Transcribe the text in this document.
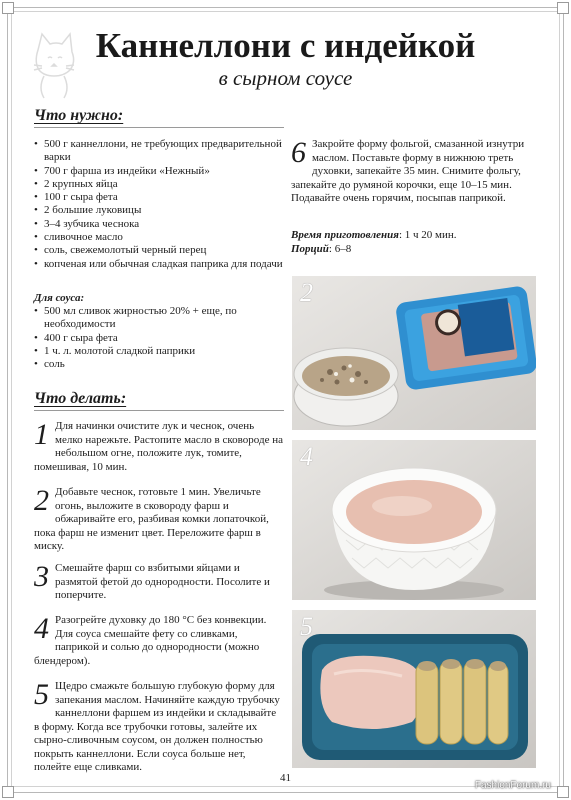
Каннеллони с индейкой
в сырном соусе
Что нужно:
• 500 г каннеллони, не требующих предварительной варки
• 700 г фарша из индейки «Нежный»
• 2 крупных яйца
• 100 г сыра фета
• 2 большие луковицы
• 3–4 зубчика чеснока
• сливочное масло
• соль, свежемолотый черный перец
• копченая или обычная сладкая паприка для подачи
Для соуса:
• 500 мл сливок жирностью 20% + еще, по необходимости
• 400 г сыра фета
• 1 ч. л. молотой сладкой паприки
• соль
Что делать:
1 Для начинки очистите лук и чеснок, очень мелко нарежьте. Растопите масло в сковороде на небольшом огне, положите лук, томите, помешивая, 10 мин.
2 Добавьте чеснок, готовьте 1 мин. Увеличьте огонь, выложите в сковороду фарш и обжаривайте его, разбивая комки лопаточкой, пока фарш не изменит цвет. Переложите фарш в миску.
3 Смешайте фарш со взбитыми яйцами и размятой фетой до однородности. Посолите и поперчите.
4 Разогрейте духовку до 180 °С без конвекции. Для соуса смешайте фету со сливками, паприкой и солью до однородности (можно блендером).
5 Щедро смажьте большую глубокую форму для запекания маслом. Начиняйте каждую трубочку каннеллони фаршем из индейки и складывайте в форму. Когда все трубочки готовы, залейте их сырно-сливочным соусом, он должен полностью покрыть каннеллони. Если соуса больше нет, полейте еще сливками.
6 Закройте форму фольгой, смазанной изнутри маслом. Поставьте форму в нижнюю треть духовки, запекайте 35 мин. Снимите фольгу, запекайте до румяной корочки, еще 10–15 мин. Подавайте очень горячим, посыпав паприкой.
Время приготовления: 1 ч 20 мин.
Порций: 6–8
2
4
5
41
FashionForum.ru
